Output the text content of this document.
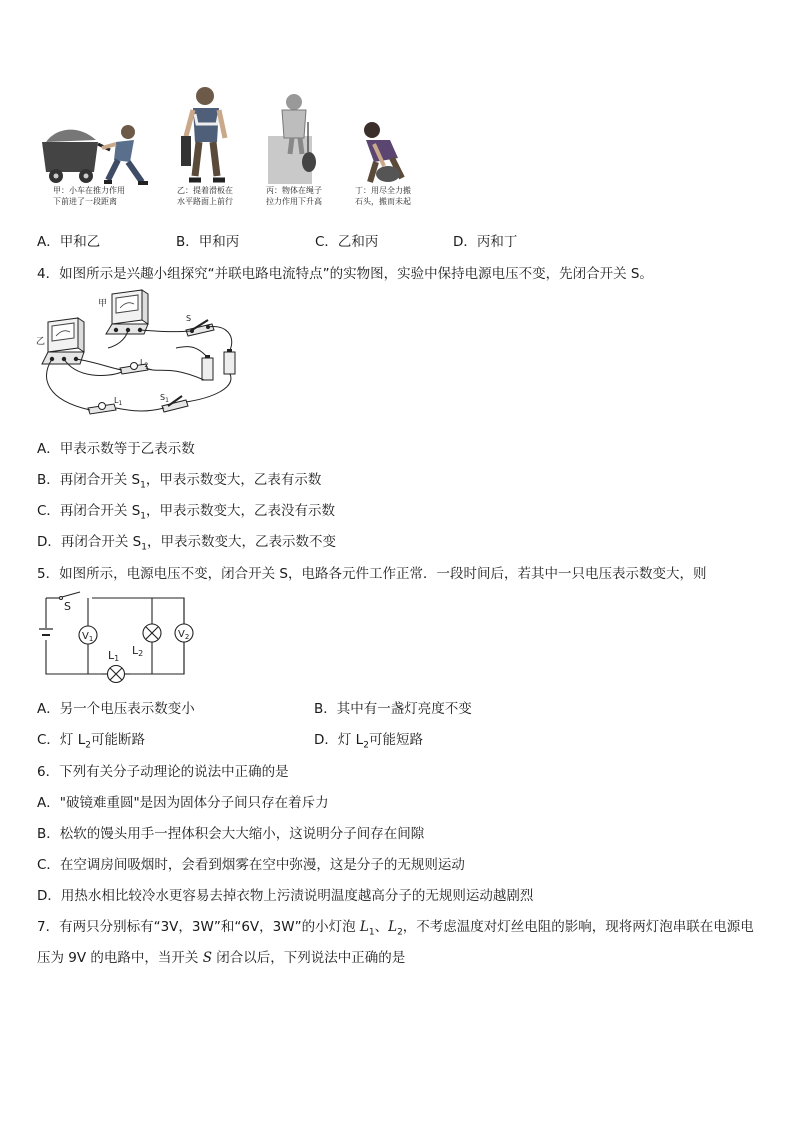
甲：小车在推力作用
下前进了一段距离
乙：提着滑板在
水平路面上前行
丙：物体在绳子
拉力作用下升高
丁：用尽全力搬
石头，搬而未起
A．甲和乙	B．甲和丙	C．乙和丙	D．丙和丁
4．如图所示是兴趣小组探究“并联电路电流特点”的实物图，实验中保持电源电压不变，先闭合开关 S。
甲
乙
S
$L_2$
$L_1$
$S_1$
A．甲表示数等于乙表示数
B．再闭合开关 $S_1$，甲表示数变大，乙表有示数
C．再闭合开关 $S_1$，甲表示数变大，乙表没有示数
D．再闭合开关 $S_1$，甲表示数变大，乙表示数不变
5．如图所示，电源电压不变，闭合开关 S，电路各元件工作正常．一段时间后，若其中一只电压表示数变大，则
S
$V_1$
L2
$V_2$
L1
A．另一个电压表示数变小	B．其中有一盏灯亮度不变
C．灯 $L_2$可能断路	D．灯 $L_2$可能短路
6．下列有关分子动理论的说法中正确的是
A．"破镜难重圆"是因为固体分子间只存在着斥力
B．松软的馒头用手一捏体积会大大缩小，这说明分子间存在间隙
C．在空调房间吸烟时，会看到烟雾在空中弥漫，这是分子的无规则运动
D．用热水相比较冷水更容易去掉衣物上污渍说明温度越高分子的无规则运动越剧烈
7．有两只分别标有“3V，3W”和“6V，3W”的小灯泡 $L_1$、$L_2$，不考虑温度对灯丝电阻的影响，现将两灯泡串联在电源电
压为 9V 的电路中，当开关 S 闭合以后，下列说法中正确的是
